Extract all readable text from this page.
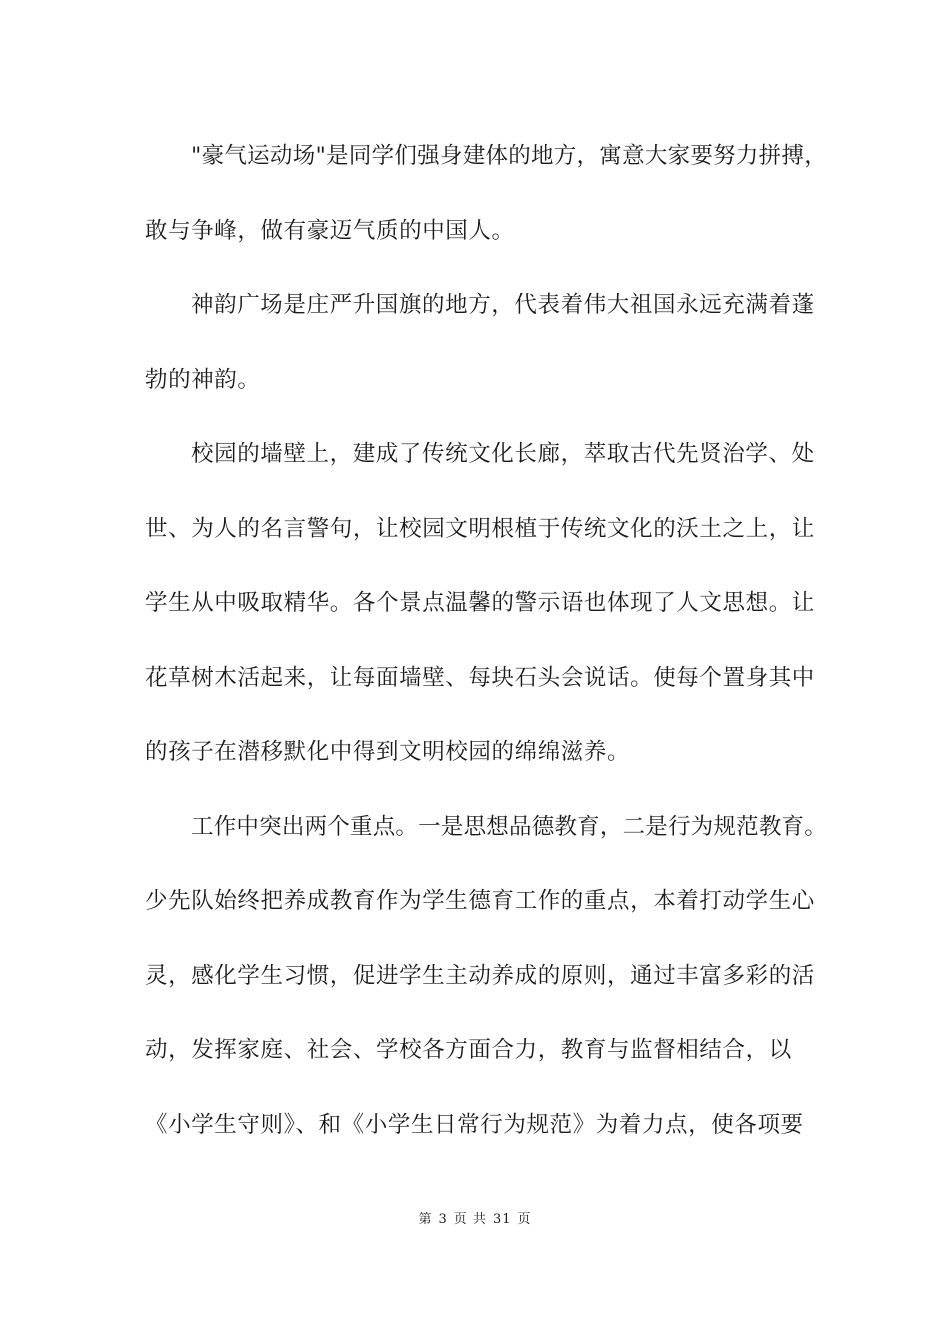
"豪气运动场"是同学们强身建体的地方，寓意大家要努力拼搏，
敢与争峰，做有豪迈气质的中国人。
神韵广场是庄严升国旗的地方，代表着伟大祖国永远充满着蓬
勃的神韵。
校园的墙壁上，建成了传统文化长廊，萃取古代先贤治学、处
世、为人的名言警句，让校园文明根植于传统文化的沃土之上，让
学生从中吸取精华。各个景点温馨的警示语也体现了人文思想。让
花草树木活起来，让每面墙壁、每块石头会说话。使每个置身其中
的孩子在潜移默化中得到文明校园的绵绵滋养。
工作中突出两个重点。一是思想品德教育，二是行为规范教育。
少先队始终把养成教育作为学生德育工作的重点，本着打动学生心
灵，感化学生习惯，促进学生主动养成的原则，通过丰富多彩的活
动，发挥家庭、社会、学校各方面合力，教育与监督相结合，以
《小学生守则》、和《小学生日常行为规范》为着力点，使各项要
第 3 页 共 31 页
